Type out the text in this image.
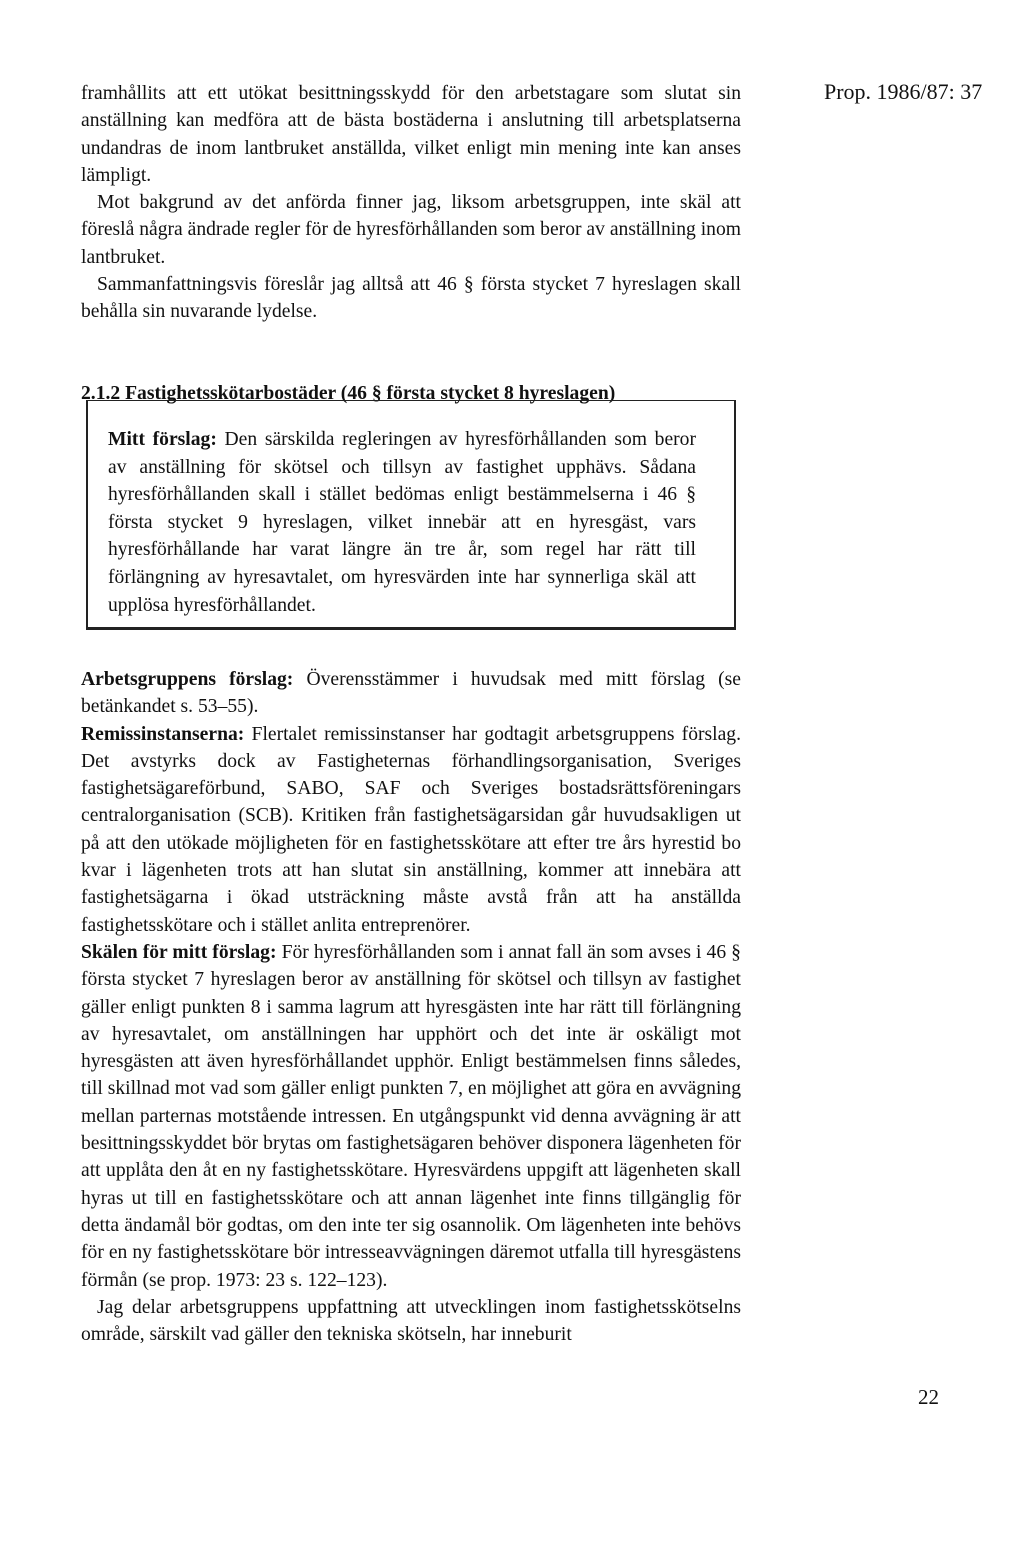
Prop. 1986/87: 37

framhållits att ett utökat besittningsskydd för den arbetstagare som slutat sin anställning kan medföra att de bästa bostäderna i anslutning till arbetsplatserna undandras de inom lantbruket anställda, vilket enligt min mening inte kan anses lämpligt.

Mot bakgrund av det anförda finner jag, liksom arbetsgruppen, inte skäl att föreslå några ändrade regler för de hyresförhållanden som beror av anställning inom lantbruket.

Sammanfattningsvis föreslår jag alltså att 46 § första stycket 7 hyreslagen skall behålla sin nuvarande lydelse.

2.1.2 Fastighetsskötarbostäder (46 § första stycket 8 hyreslagen)
Mitt förslag: Den särskilda regleringen av hyresförhållanden som beror av anställning för skötsel och tillsyn av fastighet upphävs. Sådana hyresförhållanden skall i stället bedömas enligt bestämmelserna i 46 § första stycket 9 hyreslagen, vilket innebär att en hyresgäst, vars hyresförhållande har varat längre än tre år, som regel har rätt till förlängning av hyresavtalet, om hyresvärden inte har synnerliga skäl att upplösa hyresförhållandet.

Arbetsgruppens förslag: Överensstämmer i huvudsak med mitt förslag (se betänkandet s. 53–55).

Remissinstanserna: Flertalet remissinstanser har godtagit arbetsgruppens förslag. Det avstyrks dock av Fastigheternas förhandlingsorganisation, Sveriges fastighetsägareförbund, SABO, SAF och Sveriges bostadsrättsföreningars centralorganisation (SCB). Kritiken från fastighetsägarsidan går huvudsakligen ut på att den utökade möjligheten för en fastighetsskötare att efter tre års hyrestid bo kvar i lägenheten trots att han slutat sin anställning, kommer att innebära att fastighetsägarna i ökad utsträckning måste avstå från att ha anställda fastighetsskötare och i stället anlita entreprenörer.

Skälen för mitt förslag: För hyresförhållanden som i annat fall än som avses i 46 § första stycket 7 hyreslagen beror av anställning för skötsel och tillsyn av fastighet gäller enligt punkten 8 i samma lagrum att hyresgästen inte har rätt till förlängning av hyresavtalet, om anställningen har upphört och det inte är oskäligt mot hyresgästen att även hyresförhållandet upphör. Enligt bestämmelsen finns således, till skillnad mot vad som gäller enligt punkten 7, en möjlighet att göra en avvägning mellan parternas motstående intressen. En utgångspunkt vid denna avvägning är att besittningsskyddet bör brytas om fastighetsägaren behöver disponera lägenheten för att upplåta den åt en ny fastighetsskötare. Hyresvärdens uppgift att lägenheten skall hyras ut till en fastighetsskötare och att annan lägenhet inte finns tillgänglig för detta ändamål bör godtas, om den inte ter sig osannolik. Om lägenheten inte behövs för en ny fastighetsskötare bör intresseavvägningen däremot utfalla till hyresgästens förmån (se prop. 1973: 23 s. 122–123).

Jag delar arbetsgruppens uppfattning att utvecklingen inom fastighetsskötselns område, särskilt vad gäller den tekniska skötseln, har inneburit

22
